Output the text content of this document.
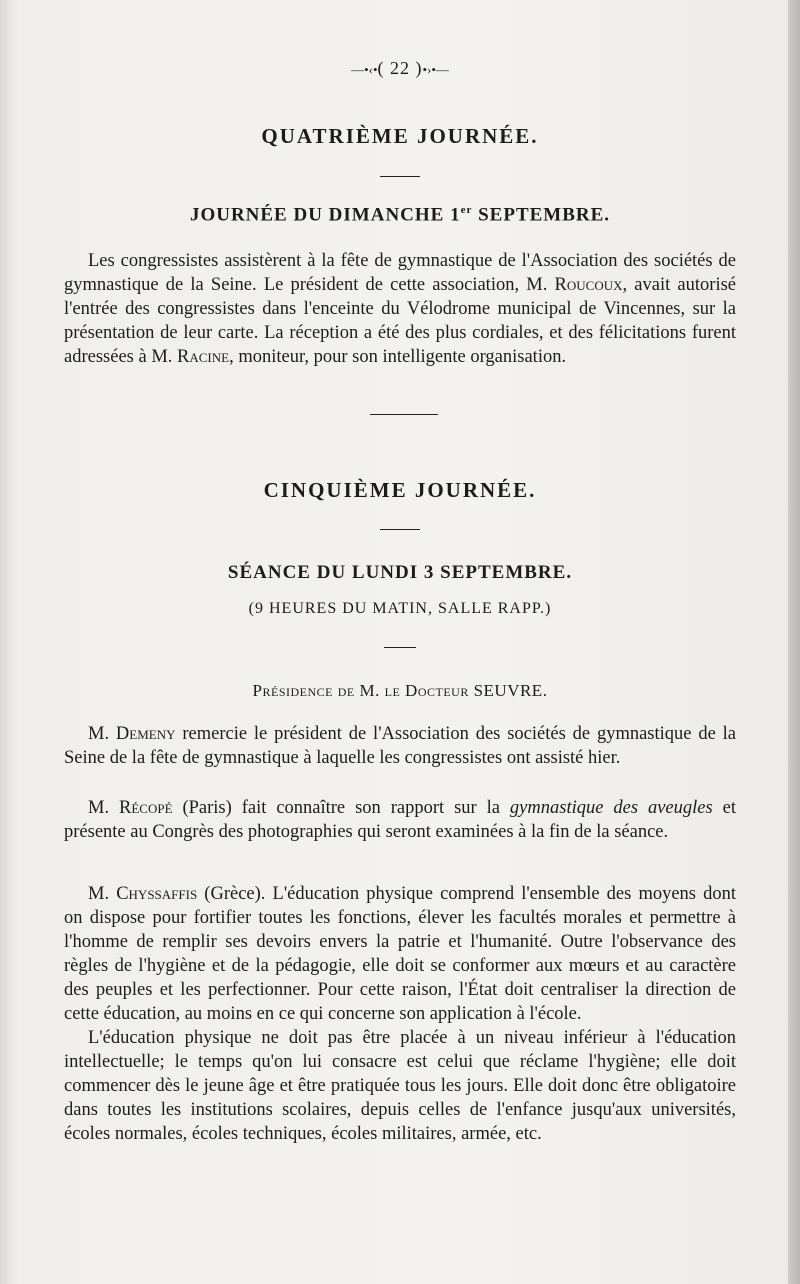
—•‹•( 22 )•›•—
QUATRIÈME JOURNÉE.
JOURNÉE DU DIMANCHE 1er SEPTEMBRE.

Les congressistes assistèrent à la fête de gymnastique de l'Association des sociétés de gymnastique de la Seine. Le président de cette association, M. Roucoux, avait autorisé l'entrée des congressistes dans l'enceinte du Vélodrome municipal de Vincennes, sur la présentation de leur carte. La réception a été des plus cordiales, et des félicitations furent adressées à M. Racine, moniteur, pour son intelligente organisation.

CINQUIÈME JOURNÉE.
SÉANCE DU LUNDI 3 SEPTEMBRE.
(9 HEURES DU MATIN, SALLE RAPP.)
Présidence de M. le Docteur SEUVRE.

M. Demeny remercie le président de l'Association des sociétés de gymnastique de la Seine de la fête de gymnastique à laquelle les congressistes ont assisté hier.

M. Récopé (Paris) fait connaître son rapport sur la gymnastique des aveugles et présente au Congrès des photographies qui seront examinées à la fin de la séance.

M. Chyssaffis (Grèce). L'éducation physique comprend l'ensemble des moyens dont on dispose pour fortifier toutes les fonctions, élever les facultés morales et permettre à l'homme de remplir ses devoirs envers la patrie et l'humanité. Outre l'observance des règles de l'hygiène et de la pédagogie, elle doit se conformer aux mœurs et au caractère des peuples et les perfectionner. Pour cette raison, l'État doit centraliser la direction de cette éducation, au moins en ce qui concerne son application à l'école.

L'éducation physique ne doit pas être placée à un niveau inférieur à l'éducation intellectuelle; le temps qu'on lui consacre est celui que réclame l'hygiène; elle doit commencer dès le jeune âge et être pratiquée tous les jours. Elle doit donc être obligatoire dans toutes les institutions scolaires, depuis celles de l'enfance jusqu'aux universités, écoles normales, écoles techniques, écoles militaires, armée, etc.
